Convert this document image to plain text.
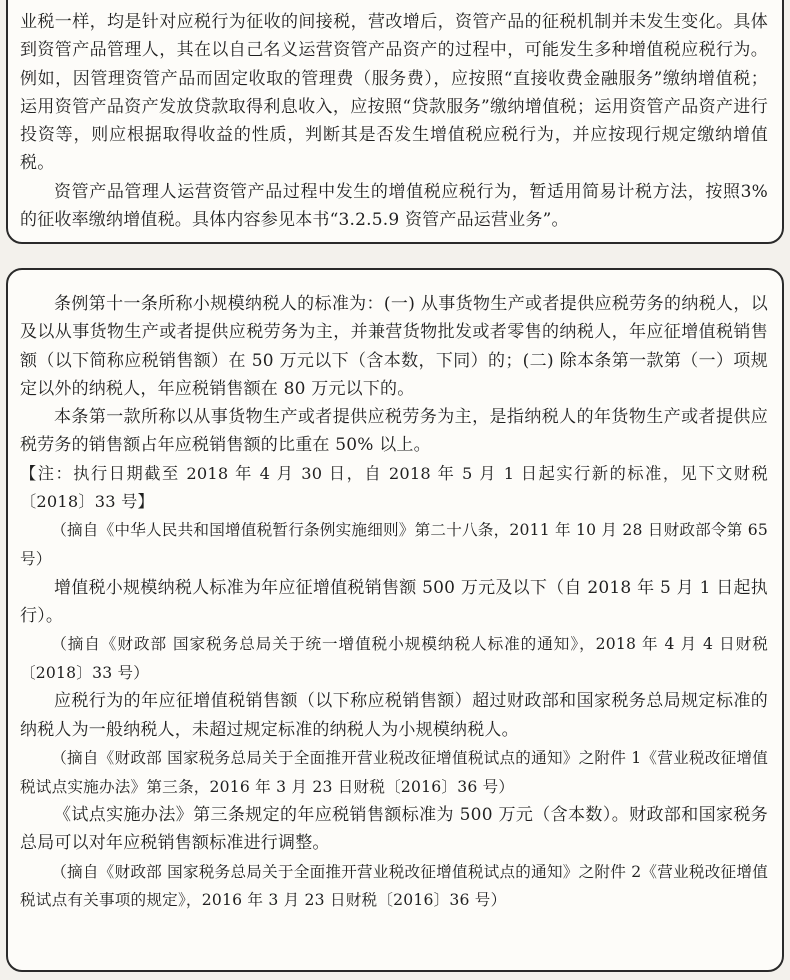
业税一样，均是针对应税行为征收的间接税，营改增后，资管产品的征税机制并未发生变化。具体到资管产品管理人，其在以自己名义运营资管产品资产的过程中，可能发生多种增值税应税行为。例如，因管理资管产品而固定收取的管理费（服务费），应按照“直接收费金融服务”缴纳增值税；运用资管产品资产发放贷款取得利息收入，应按照“贷款服务”缴纳增值税；运用资管产品资产进行投资等，则应根据取得收益的性质，判断其是否发生增值税应税行为，并应按现行规定缴纳增值税。

资管产品管理人运营资管产品过程中发生的增值税应税行为，暂适用简易计税方法，按照3%的征收率缴纳增值税。具体内容参见本书“3.2.5.9 资管产品运营业务”。

条例第十一条所称小规模纳税人的标准为：(一) 从事货物生产或者提供应税劳务的纳税人，以及以从事货物生产或者提供应税劳务为主，并兼营货物批发或者零售的纳税人，年应征增值税销售额（以下简称应税销售额）在 50 万元以下（含本数，下同）的；(二) 除本条第一款第（一）项规定以外的纳税人，年应税销售额在 80 万元以下的。

本条第一款所称以从事货物生产或者提供应税劳务为主，是指纳税人的年货物生产或者提供应税劳务的销售额占年应税销售额的比重在 50% 以上。

【注：执行日期截至 2018 年 4 月 30 日，自 2018 年 5 月 1 日起实行新的标准，见下文财税〔2018〕33 号】

（摘自《中华人民共和国增值税暂行条例实施细则》第二十八条，2011 年 10 月 28 日财政部令第 65 号）

增值税小规模纳税人标准为年应征增值税销售额 500 万元及以下（自 2018 年 5 月 1 日起执行）。

（摘自《财政部 国家税务总局关于统一增值税小规模纳税人标准的通知》，2018 年 4 月 4 日财税〔2018〕33 号）

应税行为的年应征增值税销售额（以下称应税销售额）超过财政部和国家税务总局规定标准的纳税人为一般纳税人，未超过规定标准的纳税人为小规模纳税人。

（摘自《财政部 国家税务总局关于全面推开营业税改征增值税试点的通知》之附件 1《营业税改征增值税试点实施办法》第三条，2016 年 3 月 23 日财税〔2016〕36 号）

《试点实施办法》第三条规定的年应税销售额标准为 500 万元（含本数）。财政部和国家税务总局可以对年应税销售额标准进行调整。

（摘自《财政部 国家税务总局关于全面推开营业税改征增值税试点的通知》之附件 2《营业税改征增值税试点有关事项的规定》，2016 年 3 月 23 日财税〔2016〕36 号）
